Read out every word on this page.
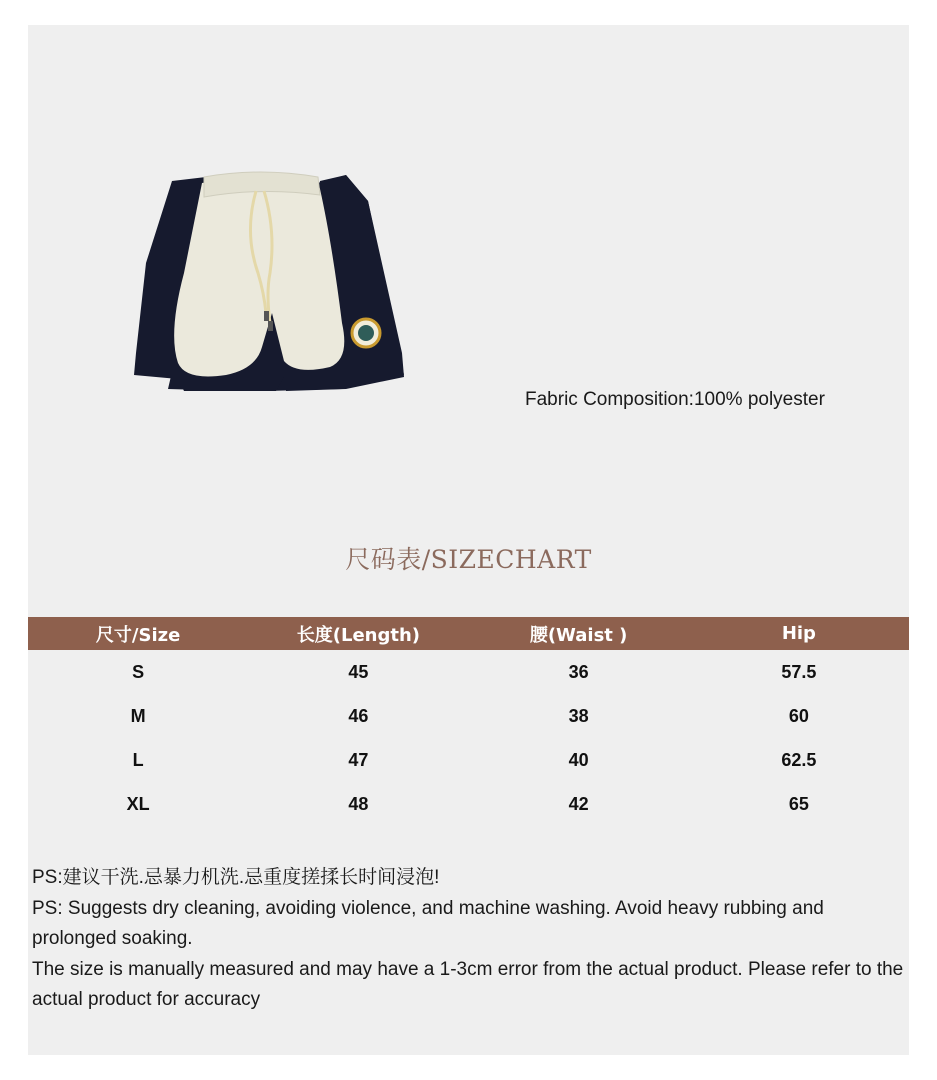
Fabric Composition:100% polyester
尺码表/SIZECHART
尺寸/Size	长度(Length)	腰(Waist )	Hip
S	45	36	57.5
M	46	38	60
L	47	40	62.5
XL	48	42	65

PS:建议干洗.忌暴力机洗.忌重度搓揉长时间浸泡!

PS: Suggests dry cleaning, avoiding violence, and machine washing. Avoid heavy rubbing and prolonged soaking.

The size is manually measured and may have a 1-3cm error from the actual product. Please refer to the actual product for accuracy
